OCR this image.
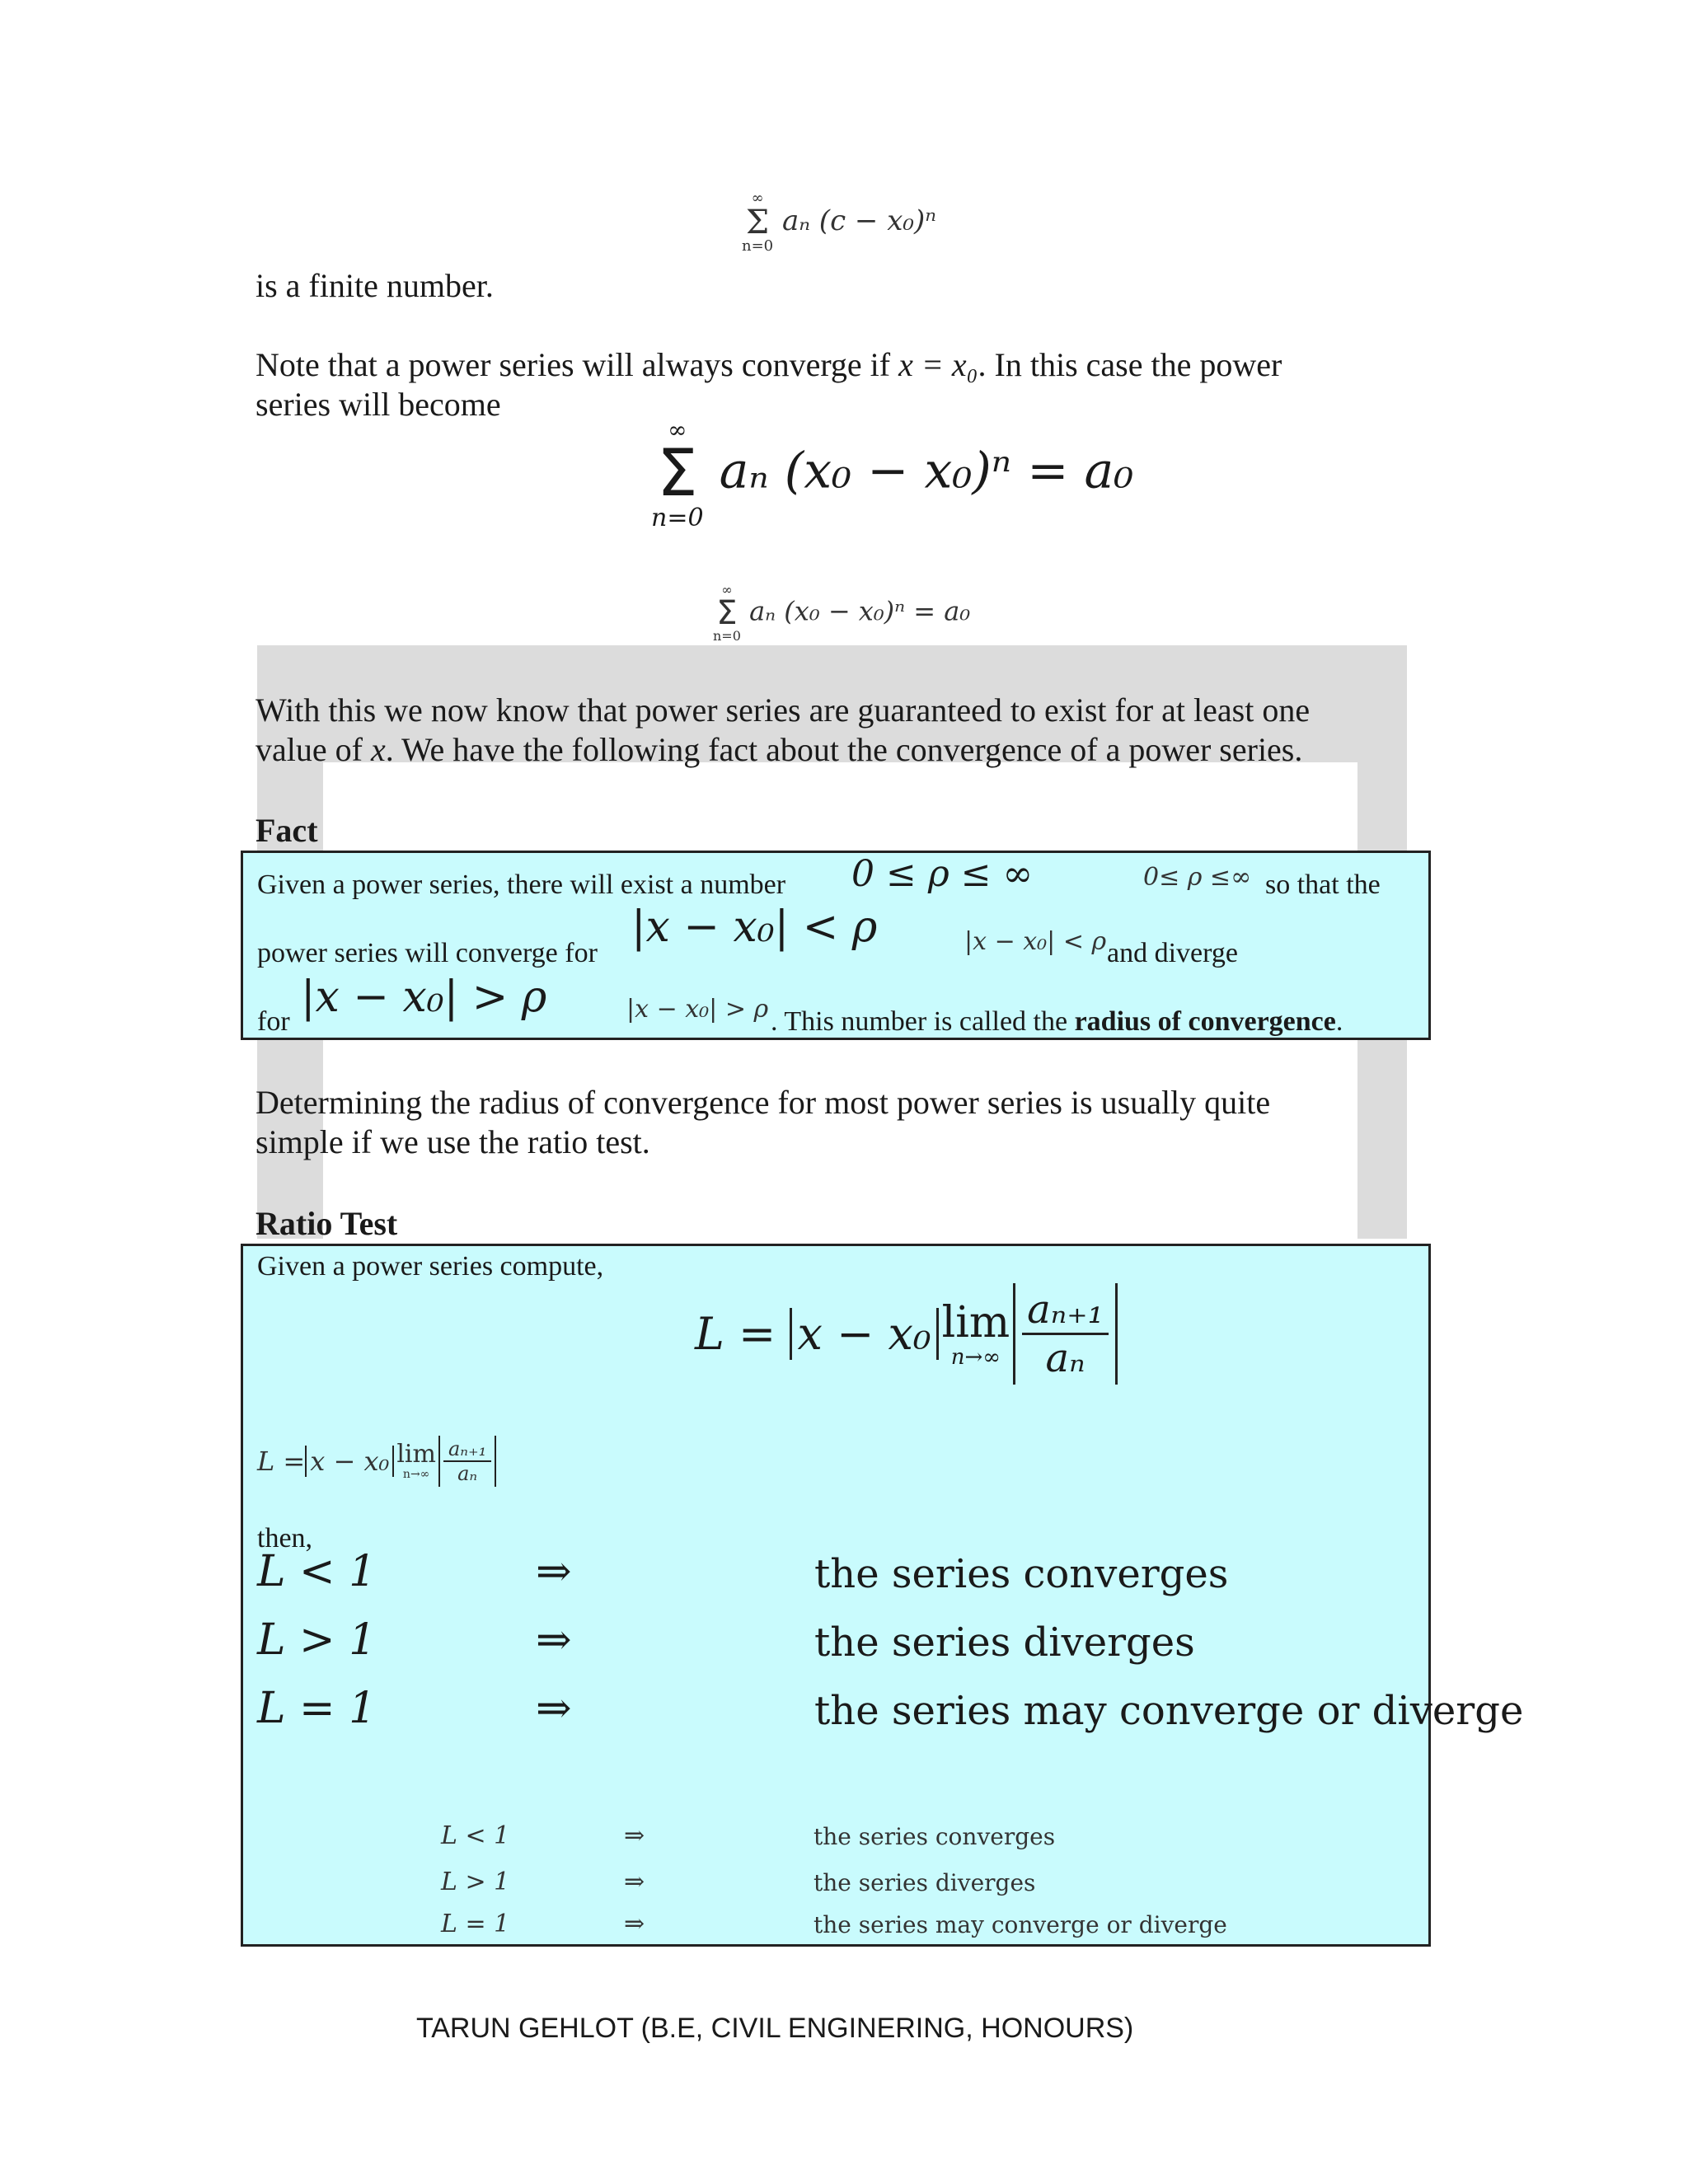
∞
Σ
n=0
aₙ (c − x₀)ⁿ
is a finite number.
Note that a power series will always converge if x = x₀. In this case the power
series will become
∞
Σ
n=0
aₙ (x₀ − x₀)ⁿ = a₀
∞
Σ
n=0
aₙ (x₀ − x₀)ⁿ = a₀
With this we now know that power series are guaranteed to exist for at least one
value of x. We have the following fact about the convergence of a power series.
Fact
Given a power series, there will exist a number 0 ≤ ρ ≤ ∞	0≤ ρ ≤∞ so that the
power series will converge for
|x − x₀| < ρ	|x − x₀| < ρ and diverge
for |x − x₀| > ρ	|x − x₀| > ρ . This number is called the radius of convergence.
Determining the radius of convergence for most power series is usually quite
simple if we use the ratio test.
Ratio Test
Given a power series compute,
L =
x − x₀ lim
$n\to\infty \frac{\text{aₙ₊₁}}{\text{aₙ}}$
L = x − x₀ lim
$n\to\infty \frac{\text{aₙ₊₁}}{\text{aₙ}}$
then,
L < 1	⇒	the series converges
L > 1	⇒	the series diverges
L = 1	⇒	the series may converge or diverge
L < 1	⇒	the series converges
L > 1	⇒	the series diverges
L = 1	⇒	the series may converge or diverge
TARUN GEHLOT (B.E, CIVIL ENGINERING, HONOURS)
